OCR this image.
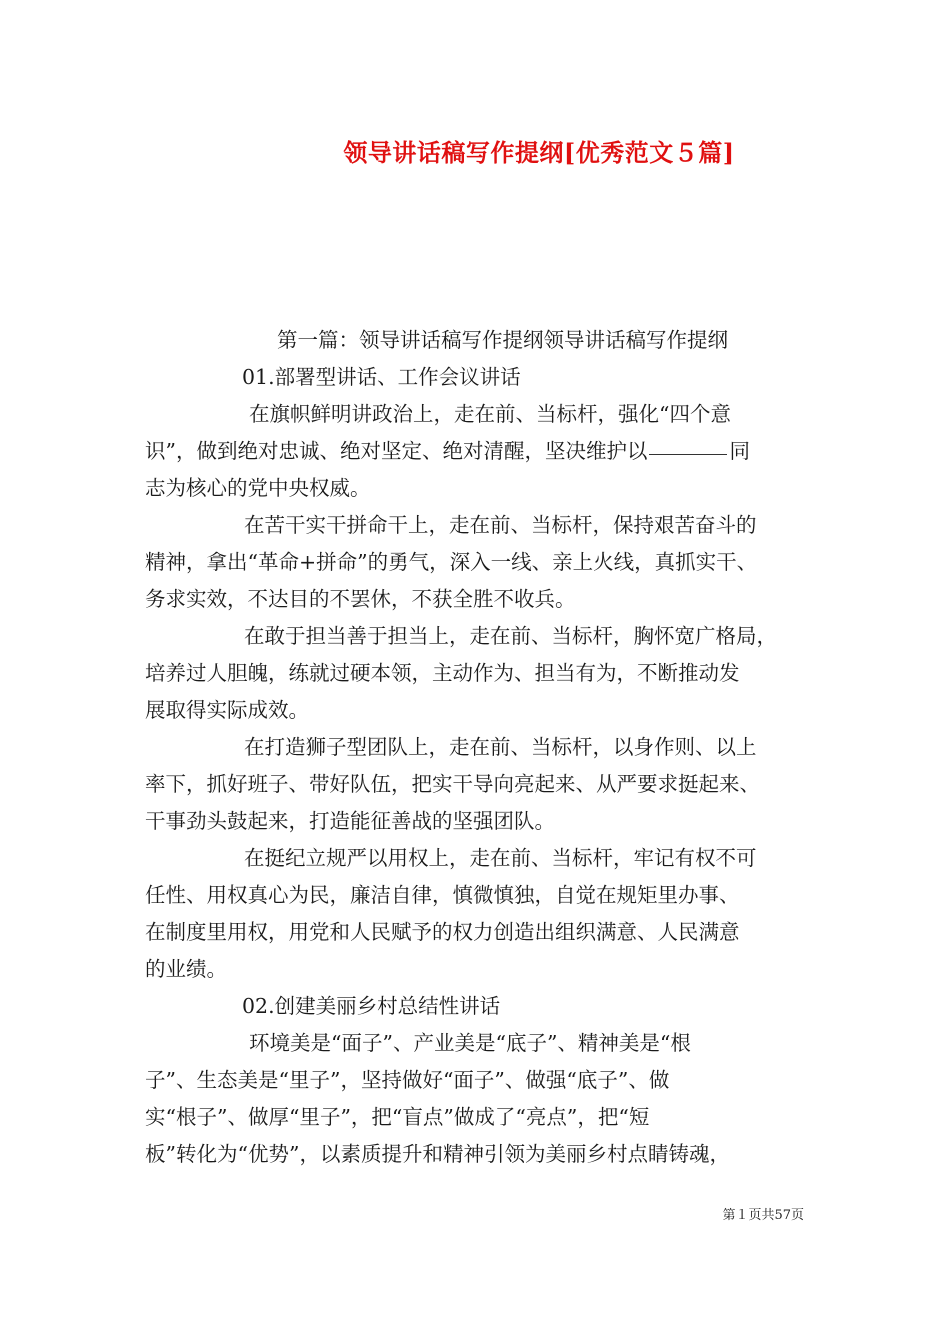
领导讲话稿写作提纲[优秀范文５篇]

第一篇：领导讲话稿写作提纲领导讲话稿写作提纲

01.部署型讲话、工作会议讲话

在旗帜鲜明讲政治上，走在前、当标杆，强化“四个意

识”，做到绝对忠诚、绝对坚定、绝对清醒，坚决维护以	同

志为核心的党中央权威。

在苦干实干拼命干上，走在前、当标杆，保持艰苦奋斗的

精神，拿出“革命+拼命”的勇气，深入一线、亲上火线，真抓实干、

务求实效，不达目的不罢休，不获全胜不收兵。

在敢于担当善于担当上，走在前、当标杆，胸怀宽广格局，

培养过人胆魄，练就过硬本领，主动作为、担当有为，不断推动发

展取得实际成效。

在打造狮子型团队上，走在前、当标杆，以身作则、以上

率下，抓好班子、带好队伍，把实干导向亮起来、从严要求挺起来、

干事劲头鼓起来，打造能征善战的坚强团队。

在挺纪立规严以用权上，走在前、当标杆，牢记有权不可

任性、用权真心为民，廉洁自律，慎微慎独，自觉在规矩里办事、

在制度里用权，用党和人民赋予的权力创造出组织满意、人民满意

的业绩。

02.创建美丽乡村总结性讲话

环境美是“面子”、产业美是“底子”、精神美是“根

子”、生态美是“里子”，坚持做好“面子”、做强“底子”、做

实“根子”、做厚“里子”，把“盲点”做成了“亮点”，把“短

板”转化为“优势”，以素质提升和精神引领为美丽乡村点睛铸魂，

第１页共57页
